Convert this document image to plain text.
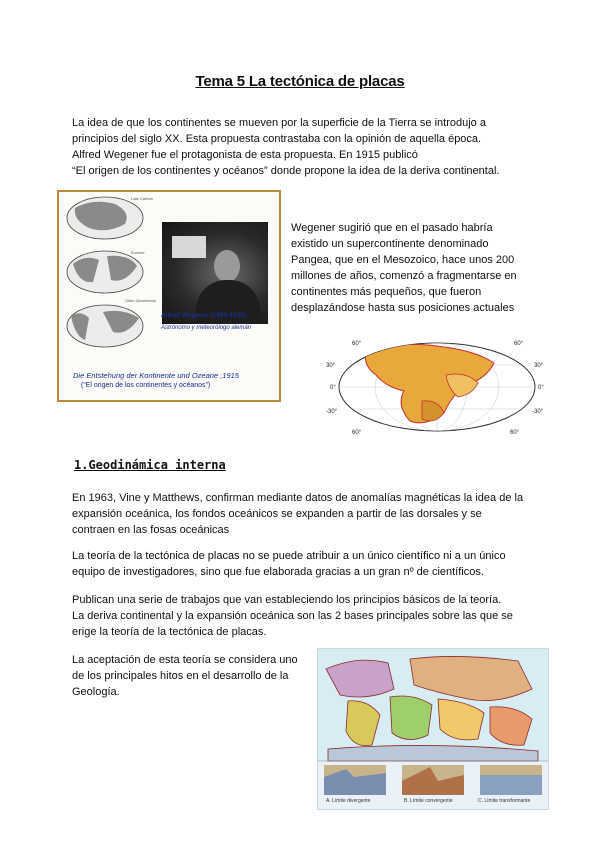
Tema 5 La tectónica de placas
La idea de que los continentes se mueven por la superficie de la Tierra se introdujo a
principios del siglo XX. Esta propuesta contrastaba con la opinión de aquella época.
Alfred Wegener fue el protagonista de esta propuesta. En 1915 publicó
“El origen de los continentes y océanos” donde propone la idea de la deriva continental.
Late Carbon
Eocene
Older Quaternary
Alfred Wegener (1880-1930)
Astrónomo y meteorólogo alemán
Die Entstehung der Kontinente und Ozeane ,1915
(“El origen de los continentes y océanos”)
Wegener sugirió que en el pasado habría
existido un supercontinente denominado
Pangea, que en el Mesozoico, hace unos 200
millones de años, comenzó a fragmentarse en
continentes más pequeños, que fueron
desplazándose hasta sus posiciones actuales
60°
30°
0°
-30°
60°
60°
30°
0°
-30°
60°
1.Geodinámica interna
En 1963, Vine y Matthews, confirman mediante datos de anomalías magnéticas la idea de la
expansión oceánica, los fondos oceánicos se expanden a partir de las dorsales y se
contraen en las fosas oceánicas
La teoría de la tectónica de placas no se puede atribuir a un único científico ni a un único
equipo de investigadores, sino que fue elaborada gracias a un gran nº de científicos.
Publican una serie de trabajos que van estableciendo los principios básicos de la teoría.
La deriva continental y la expansión oceánica son las 2 bases principales sobre las que se
erige la teoría de la tectónica de placas.
La aceptación de esta teoría se considera uno
de los principales hitos en el desarrollo de la
Geología.
A. Límite divergente	B. Límite convergente	C. Límite transformante
